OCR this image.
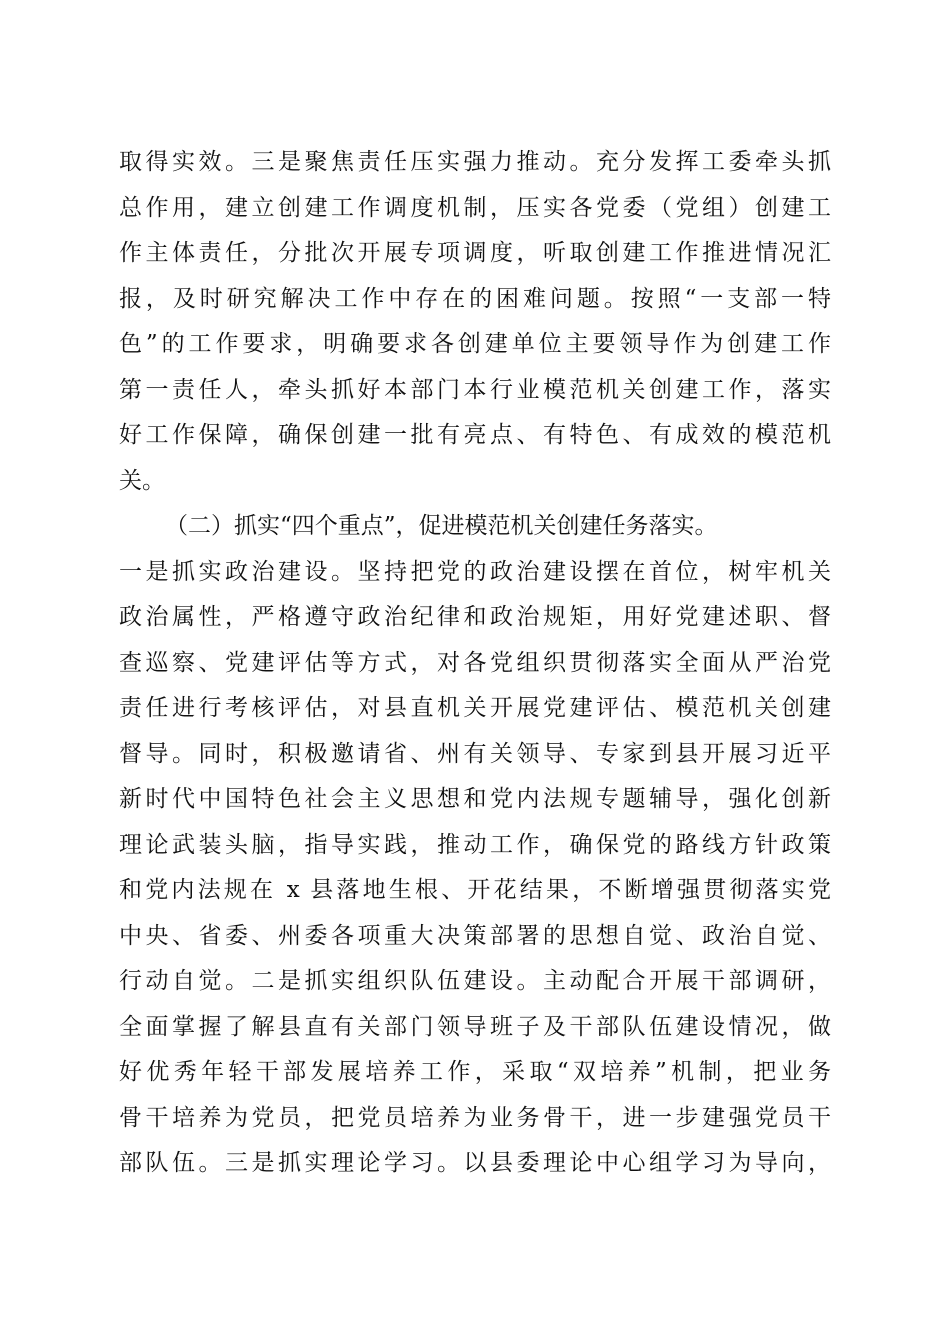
取得实效。三是聚焦责任压实强力推动。充分发挥工委牵头抓
总作用，建立创建工作调度机制，压实各党委（党组）创建工
作主体责任，分批次开展专项调度，听取创建工作推进情况汇
报，及时研究解决工作中存在的困难问题。按照“一支部一特
色”的工作要求，明确要求各创建单位主要领导作为创建工作
第一责任人，牵头抓好本部门本行业模范机关创建工作，落实
好工作保障，确保创建一批有亮点、有特色、有成效的模范机
关。
（二）抓实“四个重点”，促进模范机关创建任务落实。
一是抓实政治建设。坚持把党的政治建设摆在首位，树牢机关
政治属性，严格遵守政治纪律和政治规矩，用好党建述职、督
查巡察、党建评估等方式，对各党组织贯彻落实全面从严治党
责任进行考核评估，对县直机关开展党建评估、模范机关创建
督导。同时，积极邀请省、州有关领导、专家到县开展习近平
新时代中国特色社会主义思想和党内法规专题辅导，强化创新
理论武装头脑，指导实践，推动工作，确保党的路线方针政策
和党内法规在 x 县落地生根、开花结果，不断增强贯彻落实党
中央、省委、州委各项重大决策部署的思想自觉、政治自觉、
行动自觉。二是抓实组织队伍建设。主动配合开展干部调研，
全面掌握了解县直有关部门领导班子及干部队伍建设情况，做
好优秀年轻干部发展培养工作，采取“双培养”机制，把业务
骨干培养为党员，把党员培养为业务骨干，进一步建强党员干
部队伍。三是抓实理论学习。以县委理论中心组学习为导向，
